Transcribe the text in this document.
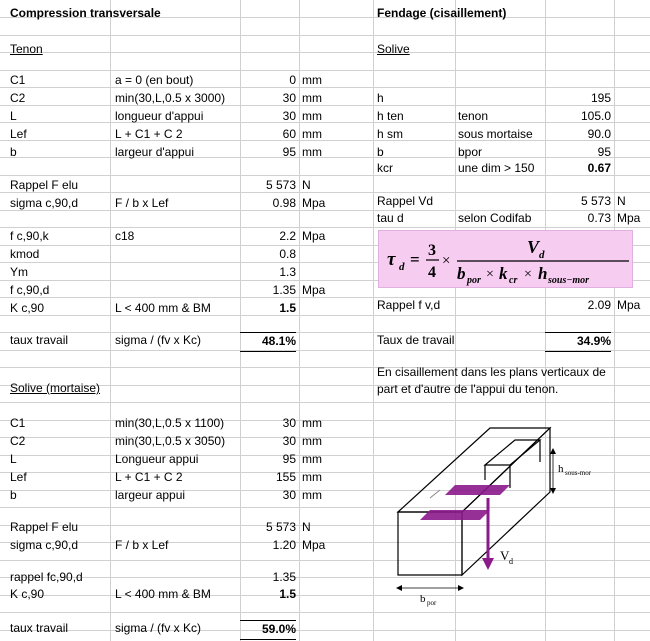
Compression transversale
Tenon
C1	a = 0 (en bout)	0 mm
C2	min(30,L,0.5 x 3000)	30 mm
L	longueur d'appui	30 mm
Lef	L + C1 + C 2	60 mm
b	largeur d'appui	95 mm
Rappel F elu	5 573 N
sigma c,90,d	F / b x Lef	0.98 Mpa
f c,90,k	c18	2.2 Mpa
kmod	0.8
Ym	1.3
f c,90,d	1.35 Mpa
K c,90	L < 400 mm & BM	1.5
taux travail	sigma / (fv x Kc)	48.1%
Solive (mortaise)
C1	min(30,L,0.5 x 1100)	30 mm
C2	min(30,L,0.5 x 3050)	30 mm
L	Longueur appui	95 mm
Lef	L + C1 + C 2	155 mm
b	largeur appui	30 mm
Rappel F elu	5 573 N
sigma c,90,d	F / b x Lef	1.20 Mpa
rappel fc,90,d	1.35
K c,90	L < 400 mm & BM	1.5
taux travail	sigma / (fv x Kc)	59.0%
Fendage (cisaillement)
Solive
h	195
h ten	tenon	105.0
h sm	sous mortaise	90.0
b	bpor	95
kcr	une dim > 150	0.67
Rappel Vd	5 573 N
tau d	selon Codifab	0.73 Mpa
τ d = 3
4
×
V d
b por × k cr × h sous−mor
Rappel f v,d	2.09 Mpa
Taux de travail	34.9%
En cisaillement dans les plans verticaux de
part et d'autre de l'appui du tenon.
V d
h sous-mor
b por
